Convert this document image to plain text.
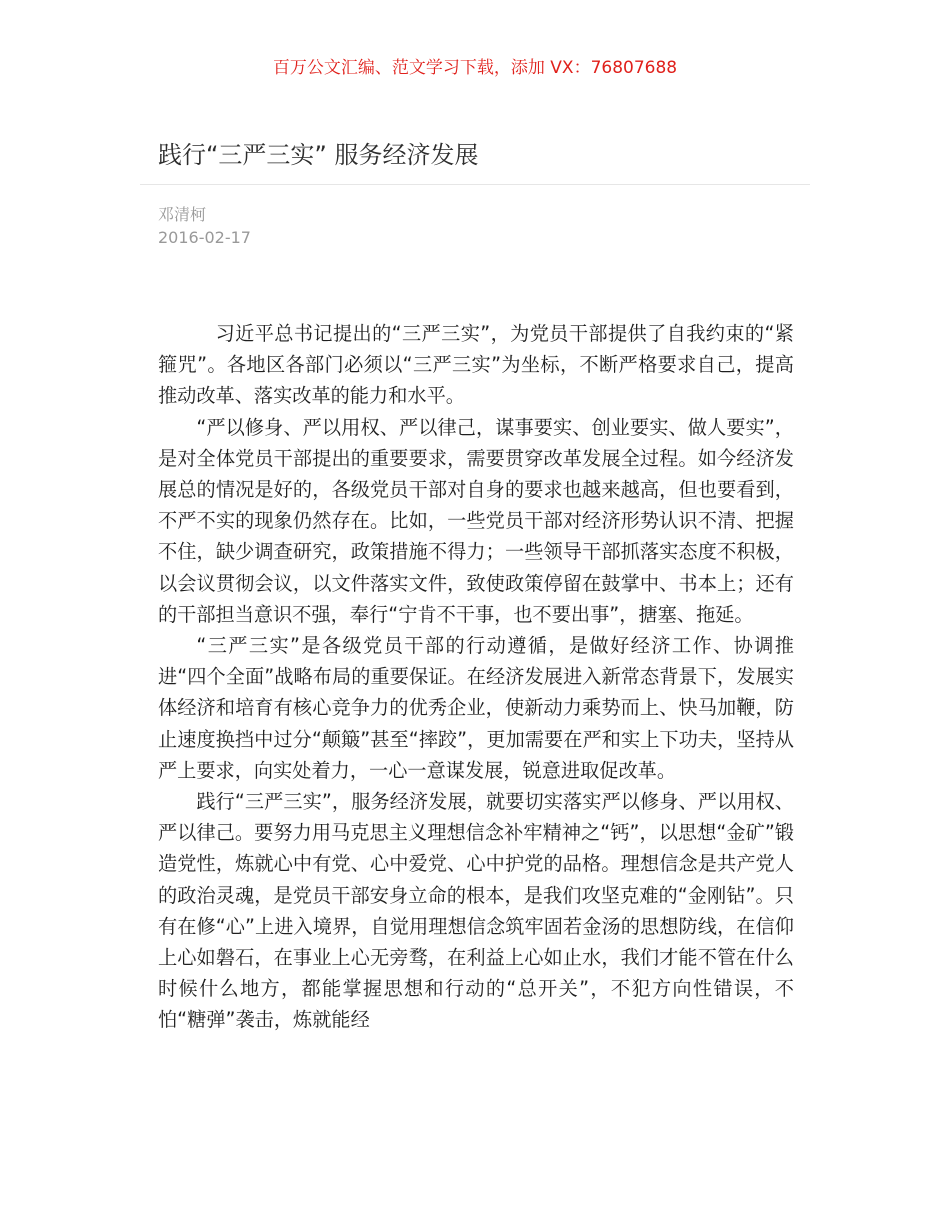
百万公文汇编、范文学习下载，添加 VX：76807688
践行“三严三实” 服务经济发展
邓清柯
2016-02-17

习近平总书记提出的“三严三实”，为党员干部提供了自我约束的“紧箍咒”。各地区各部门必须以“三严三实”为坐标，不断严格要求自己，提高推动改革、落实改革的能力和水平。

“严以修身、严以用权、严以律己，谋事要实、创业要实、做人要实”，是对全体党员干部提出的重要要求，需要贯穿改革发展全过程。如今经济发展总的情况是好的，各级党员干部对自身的要求也越来越高，但也要看到，不严不实的现象仍然存在。比如，一些党员干部对经济形势认识不清、把握不住，缺少调查研究，政策措施不得力；一些领导干部抓落实态度不积极，以会议贯彻会议，以文件落实文件，致使政策停留在鼓掌中、书本上；还有的干部担当意识不强，奉行“宁肯不干事，也不要出事”，搪塞、拖延。

“三严三实”是各级党员干部的行动遵循，是做好经济工作、协调推进“四个全面”战略布局的重要保证。在经济发展进入新常态背景下，发展实体经济和培育有核心竞争力的优秀企业，使新动力乘势而上、快马加鞭，防止速度换挡中过分“颠簸”甚至“摔跤”，更加需要在严和实上下功夫，坚持从严上要求，向实处着力，一心一意谋发展，锐意进取促改革。

践行“三严三实”，服务经济发展，就要切实落实严以修身、严以用权、严以律己。要努力用马克思主义理想信念补牢精神之“钙”，以思想“金矿”锻造党性，炼就心中有党、心中爱党、心中护党的品格。理想信念是共产党人的政治灵魂，是党员干部安身立命的根本，是我们攻坚克难的“金刚钻”。只有在修“心”上进入境界，自觉用理想信念筑牢固若金汤的思想防线，在信仰上心如磐石，在事业上心无旁骛，在利益上心如止水，我们才能不管在什么时候什么地方，都能掌握思想和行动的“总开关”，不犯方向性错误，不怕“糖弹”袭击，炼就能经
